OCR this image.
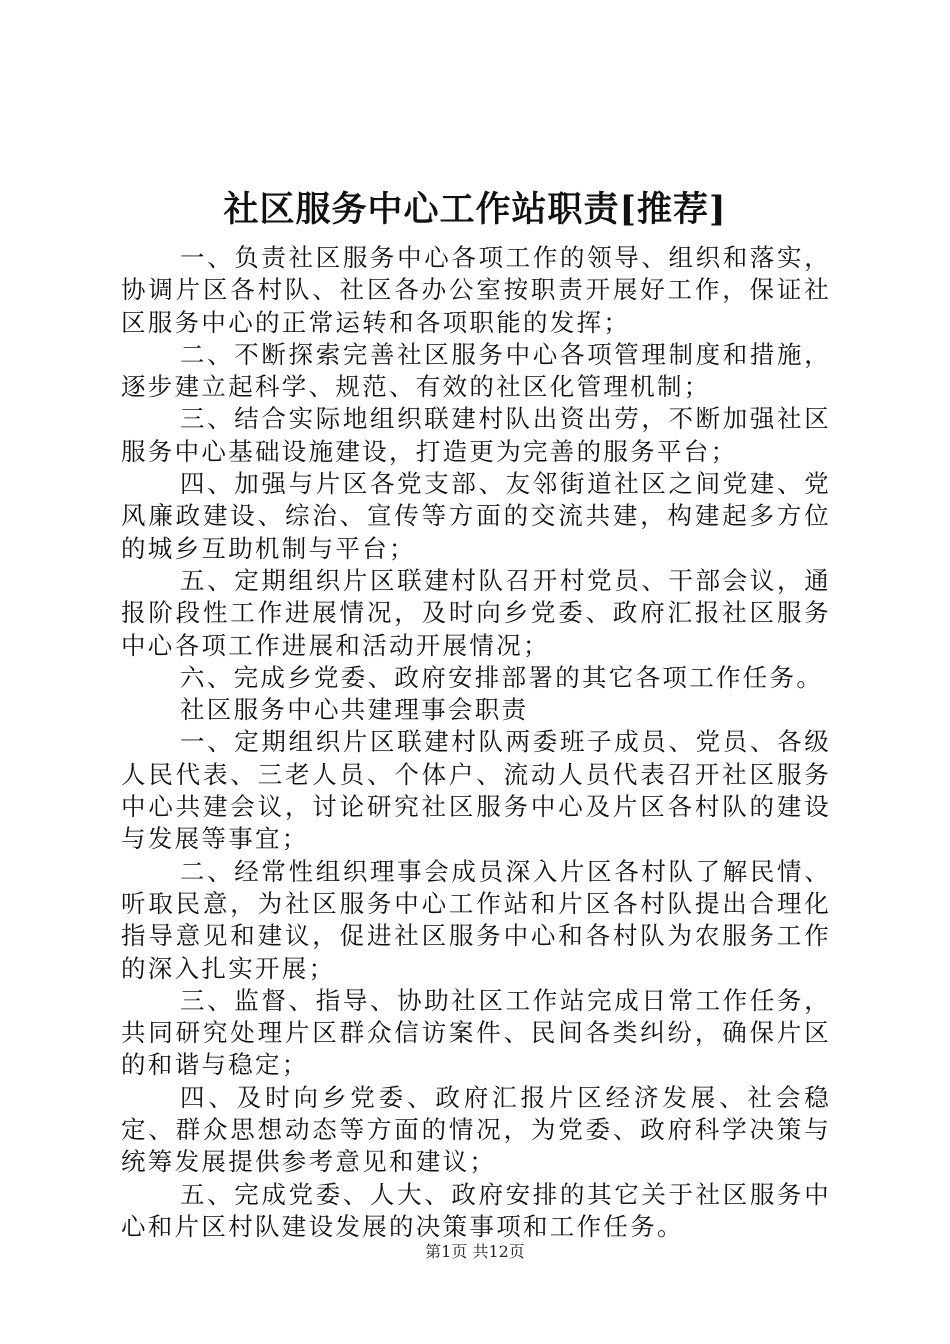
社区服务中心工作站职责[推荐]

一、负责社区服务中心各项工作的领导、组织和落实，协调片区各村队、社区各办公室按职责开展好工作，保证社区服务中心的正常运转和各项职能的发挥；

二、不断探索完善社区服务中心各项管理制度和措施，逐步建立起科学、规范、有效的社区化管理机制；

三、结合实际地组织联建村队出资出劳，不断加强社区服务中心基础设施建设，打造更为完善的服务平台；

四、加强与片区各党支部、友邻街道社区之间党建、党风廉政建设、综治、宣传等方面的交流共建，构建起多方位的城乡互助机制与平台；

五、定期组织片区联建村队召开村党员、干部会议，通报阶段性工作进展情况，及时向乡党委、政府汇报社区服务中心各项工作进展和活动开展情况；

六、完成乡党委、政府安排部署的其它各项工作任务。

社区服务中心共建理事会职责

一、定期组织片区联建村队两委班子成员、党员、各级人民代表、三老人员、个体户、流动人员代表召开社区服务中心共建会议，讨论研究社区服务中心及片区各村队的建设与发展等事宜；

二、经常性组织理事会成员深入片区各村队了解民情、听取民意，为社区服务中心工作站和片区各村队提出合理化指导意见和建议，促进社区服务中心和各村队为农服务工作的深入扎实开展；

三、监督、指导、协助社区工作站完成日常工作任务，共同研究处理片区群众信访案件、民间各类纠纷，确保片区的和谐与稳定；

四、及时向乡党委、政府汇报片区经济发展、社会稳定、群众思想动态等方面的情况，为党委、政府科学决策与统筹发展提供参考意见和建议；

五、完成党委、人大、政府安排的其它关于社区服务中心和片区村队建设发展的决策事项和工作任务。

第1页 共12页
